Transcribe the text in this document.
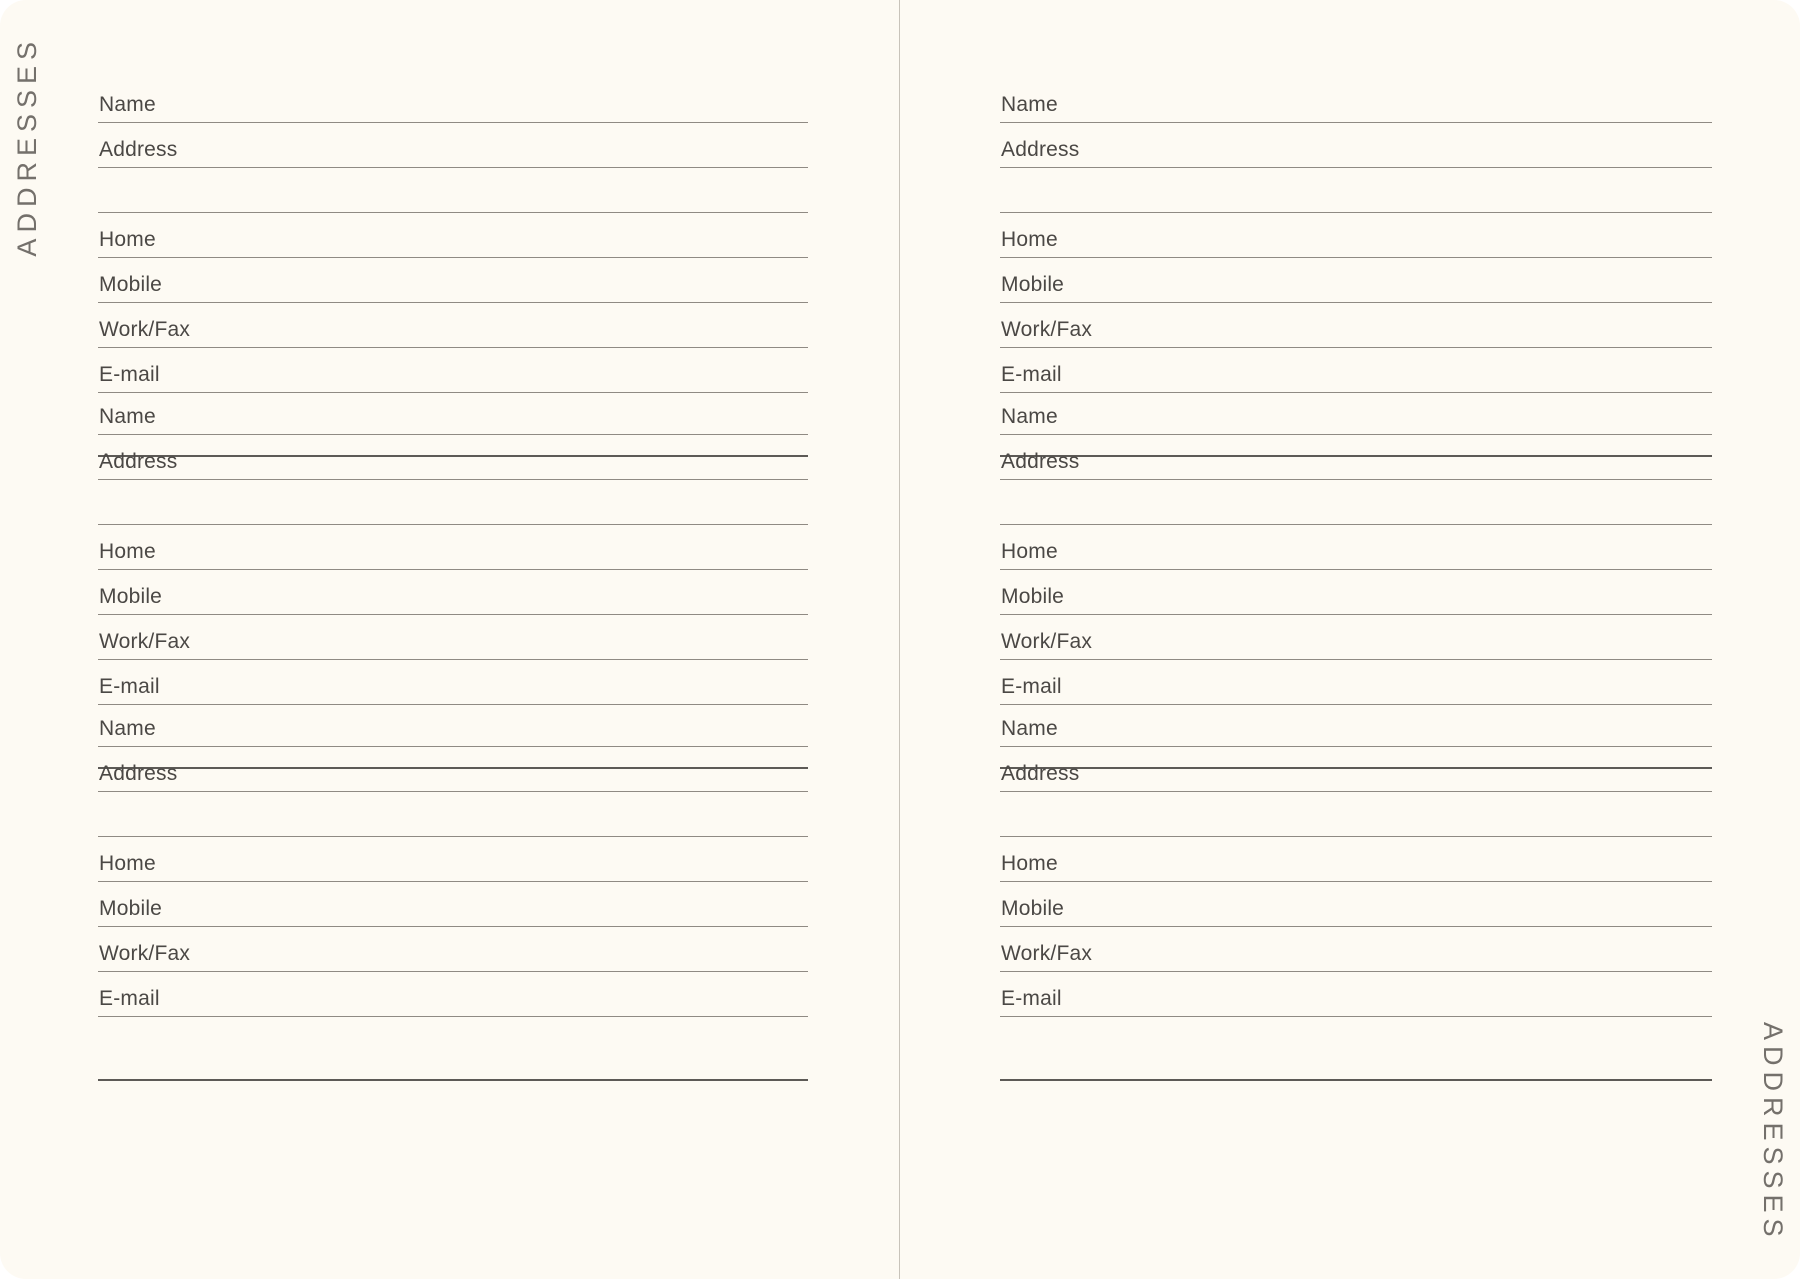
ADDRESSES	Name
Address
Home
Mobile
Work/Fax
E-mail
Name
Address
Home
Mobile
Work/Fax
E-mail
Name
Address
Home
Mobile
Work/Fax
E-mail
ADDRESSES
Name
Address
Home
Mobile
Work/Fax
E-mail
Name
Address
Home
Mobile
Work/Fax
E-mail
Name
Address
Home
Mobile
Work/Fax
E-mail
